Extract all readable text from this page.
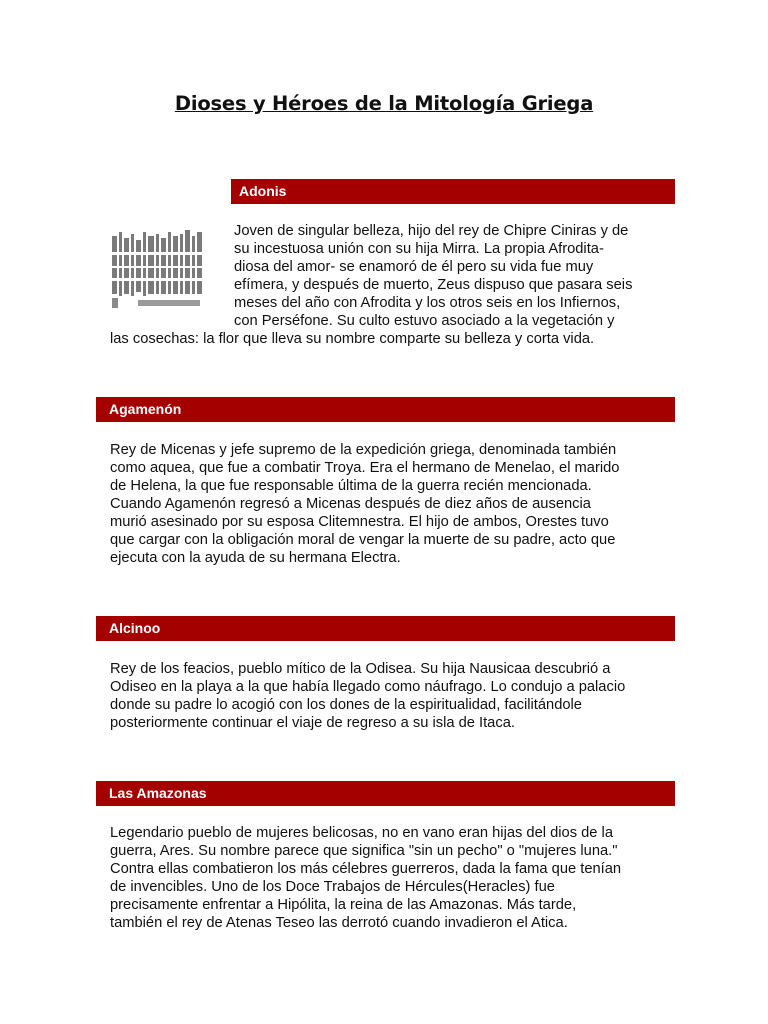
Dioses y Héroes de la Mitología Griega
Adonis
Joven de singular belleza, hijo del rey de Chipre Ciniras y de
su incestuosa unión con su hija Mirra. La propia Afrodita-
diosa del amor- se enamoró de él pero su vida fue muy
efímera, y después de muerto, Zeus dispuso que pasara seis
meses del año con Afrodita y los otros seis en los Infiernos,
con Perséfone. Su culto estuvo asociado a la vegetación y
las cosechas: la flor que lleva su nombre comparte su belleza y corta vida.
Agamenón
Rey de Micenas y jefe supremo de la expedición griega, denominada también
como aquea, que fue a combatir Troya. Era el hermano de Menelao, el marido
de Helena, la que fue responsable última de la guerra recién mencionada.
Cuando Agamenón regresó a Micenas después de diez años de ausencia
murió asesinado por su esposa Clitemnestra. El hijo de ambos, Orestes tuvo
que cargar con la obligación moral de vengar la muerte de su padre, acto que
ejecuta con la ayuda de su hermana Electra.
Alcinoo
Rey de los feacios, pueblo mítico de la Odisea. Su hija Nausicaa descubrió a
Odiseo en la playa a la que había llegado como náufrago. Lo condujo a palacio
donde su padre lo acogió con los dones de la espiritualidad, facilitándole
posteriormente continuar el viaje de regreso a su isla de Itaca.
Las Amazonas
Legendario pueblo de mujeres belicosas, no en vano eran hijas del dios de la
guerra, Ares. Su nombre parece que significa "sin un pecho" o "mujeres luna."
Contra ellas combatieron los más célebres guerreros, dada la fama que tenían
de invencibles. Uno de los Doce Trabajos de Hércules(Heracles) fue
precisamente enfrentar a Hipólita, la reina de las Amazonas. Más tarde,
también el rey de Atenas Teseo las derrotó cuando invadieron el Atica.
